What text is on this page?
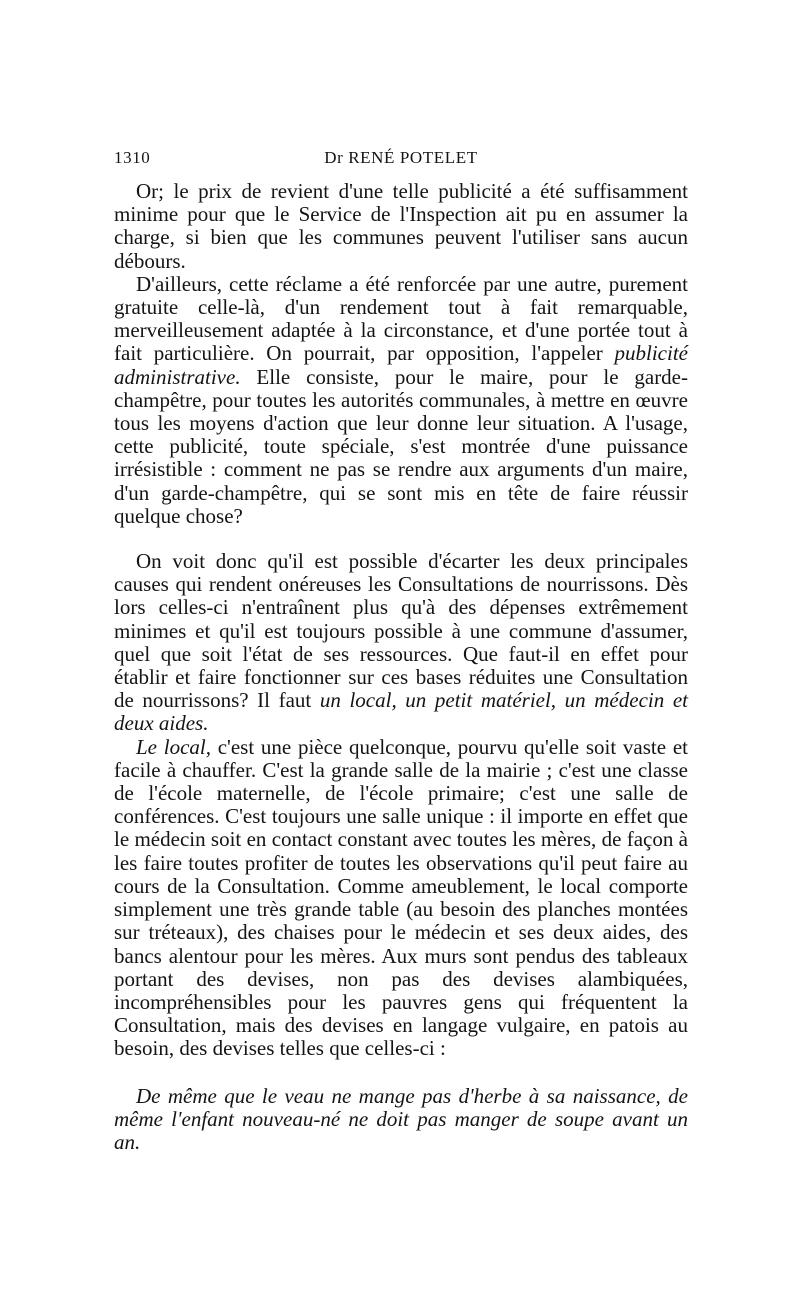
1310	Dr RENÉ POTELET

Or; le prix de revient d'une telle publicité a été suffisamment minime pour que le Service de l'Inspection ait pu en assumer la charge, si bien que les communes peuvent l'utiliser sans aucun débours.

D'ailleurs, cette réclame a été renforcée par une autre, purement gratuite celle-là, d'un rendement tout à fait remarquable, merveilleusement adaptée à la circonstance, et d'une portée tout à fait particulière. On pourrait, par opposition, l'appeler publicité administrative. Elle consiste, pour le maire, pour le garde-champêtre, pour toutes les autorités communales, à mettre en œuvre tous les moyens d'action que leur donne leur situation. A l'usage, cette publicité, toute spéciale, s'est montrée d'une puissance irrésistible : comment ne pas se rendre aux arguments d'un maire, d'un garde-champêtre, qui se sont mis en tête de faire réussir quelque chose?

On voit donc qu'il est possible d'écarter les deux principales causes qui rendent onéreuses les Consultations de nourrissons. Dès lors celles-ci n'entraînent plus qu'à des dépenses extrêmement minimes et qu'il est toujours possible à une commune d'assumer, quel que soit l'état de ses ressources. Que faut-il en effet pour établir et faire fonctionner sur ces bases réduites une Consultation de nourrissons? Il faut un local, un petit matériel, un médecin et deux aides.

Le local, c'est une pièce quelconque, pourvu qu'elle soit vaste et facile à chauffer. C'est la grande salle de la mairie ; c'est une classe de l'école maternelle, de l'école primaire; c'est une salle de conférences. C'est toujours une salle unique : il importe en effet que le médecin soit en contact constant avec toutes les mères, de façon à les faire toutes profiter de toutes les observations qu'il peut faire au cours de la Consultation. Comme ameublement, le local comporte simplement une très grande table (au besoin des planches montées sur tréteaux), des chaises pour le médecin et ses deux aides, des bancs alentour pour les mères. Aux murs sont pendus des tableaux portant des devises, non pas des devises alambiquées, incompréhensibles pour les pauvres gens qui fréquentent la Consultation, mais des devises en langage vulgaire, en patois au besoin, des devises telles que celles-ci :

De même que le veau ne mange pas d'herbe à sa naissance, de même l'enfant nouveau-né ne doit pas manger de soupe avant un an.
